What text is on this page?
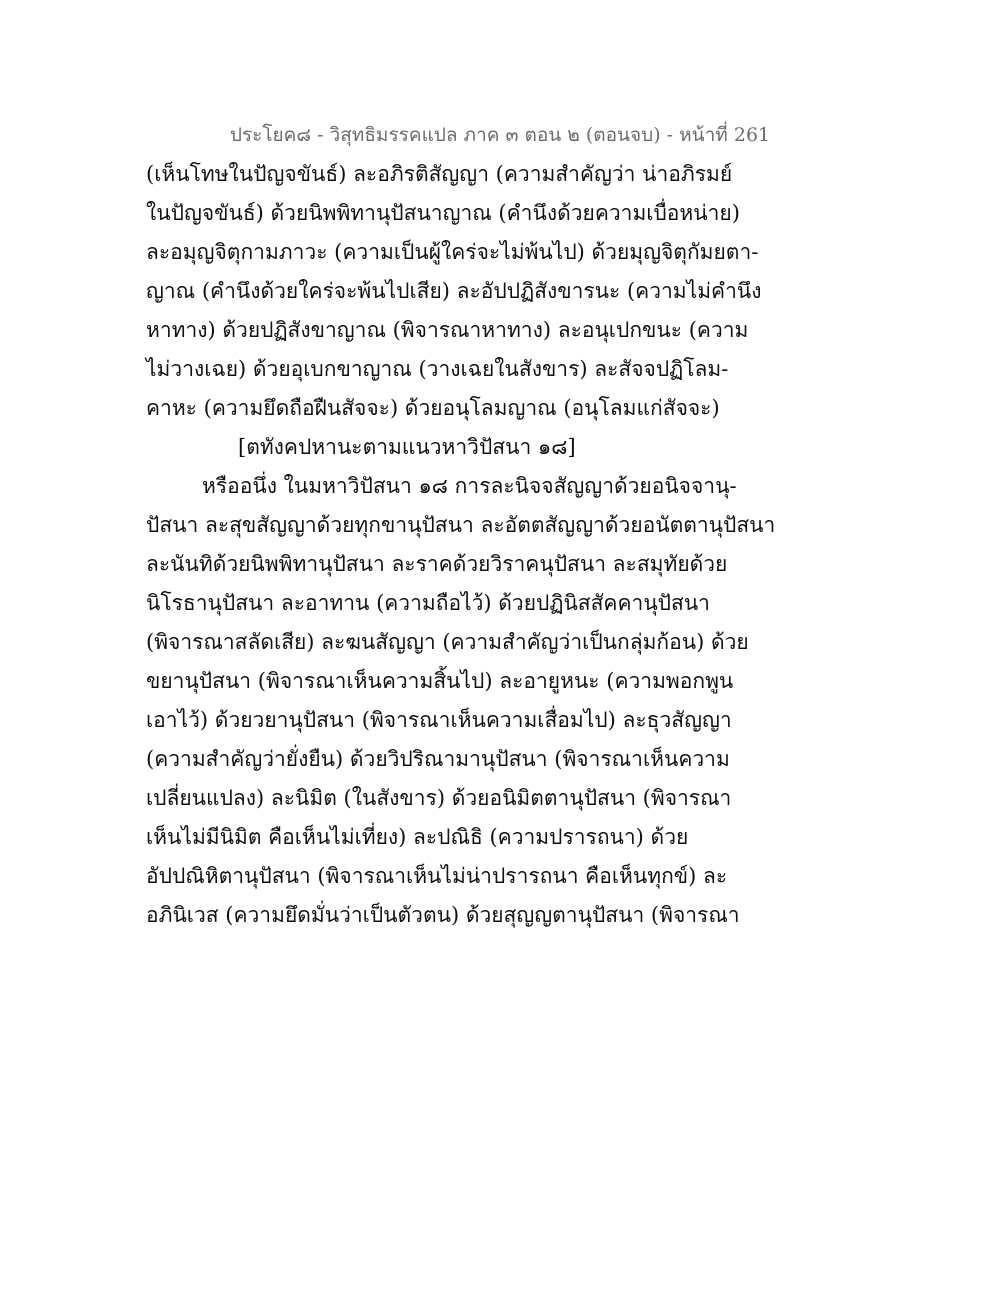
ประโยค๘ - วิสุทธิมรรคแปล ภาค ๓ ตอน ๒ (ตอนจบ) - หน้าที่ 261
(เห็นโทษในปัญจขันธ์) ละอภิรติสัญญา (ความสำคัญว่า น่าอภิรมย์
ในปัญจขันธ์) ด้วยนิพพิทานุปัสนาญาณ (คำนึงด้วยความเบื่อหน่าย)
ละอมุญจิตุกามภาวะ (ความเป็นผู้ใคร่จะไม่พ้นไป) ด้วยมุญจิตุกัมยตา-
ญาณ (คำนึงด้วยใคร่จะพ้นไปเสีย) ละอัปปฏิสังขารนะ (ความไม่คำนึง
หาทาง) ด้วยปฏิสังขาญาณ (พิจารณาหาทาง) ละอนุเปกขนะ (ความ
ไม่วางเฉย) ด้วยอุเบกขาญาณ (วางเฉยในสังขาร) ละสัจจปฏิโลม-
คาหะ (ความยึดถือฝืนสัจจะ) ด้วยอนุโลมญาณ (อนุโลมแก่สัจจะ)
[ตทังคปหานะตามแนวหาวิปัสนา ๑๘]
หรืออนึ่ง ในมหาวิปัสนา ๑๘ การละนิจจสัญญาด้วยอนิจจานุ-
ปัสนา ละสุขสัญญาด้วยทุกขานุปัสนา ละอัตตสัญญาด้วยอนัตตานุปัสนา
ละนันทิด้วยนิพพิทานุปัสนา ละราคด้วยวิราคนุปัสนา ละสมุทัยด้วย
นิโรธานุปัสนา ละอาทาน (ความถือไว้) ด้วยปฏินิสสัคคานุปัสนา
(พิจารณาสลัดเสีย) ละฆนสัญญา (ความสำคัญว่าเป็นกลุ่มก้อน) ด้วย
ขยานุปัสนา (พิจารณาเห็นความสิ้นไป) ละอายูหนะ (ความพอกพูน
เอาไว้) ด้วยวยานุปัสนา (พิจารณาเห็นความเสื่อมไป) ละธุวสัญญา
(ความสำคัญว่ายั่งยืน) ด้วยวิปริณามานุปัสนา (พิจารณาเห็นความ
เปลี่ยนแปลง) ละนิมิต (ในสังขาร) ด้วยอนิมิตตานุปัสนา (พิจารณา
เห็นไม่มีนิมิต คือเห็นไม่เที่ยง) ละปณิธิ (ความปรารถนา) ด้วย
อัปปณิหิตานุปัสนา (พิจารณาเห็นไม่น่าปรารถนา คือเห็นทุกข์) ละ
อภินิเวส (ความยึดมั่นว่าเป็นตัวตน) ด้วยสุญญตานุปัสนา (พิจารณา
